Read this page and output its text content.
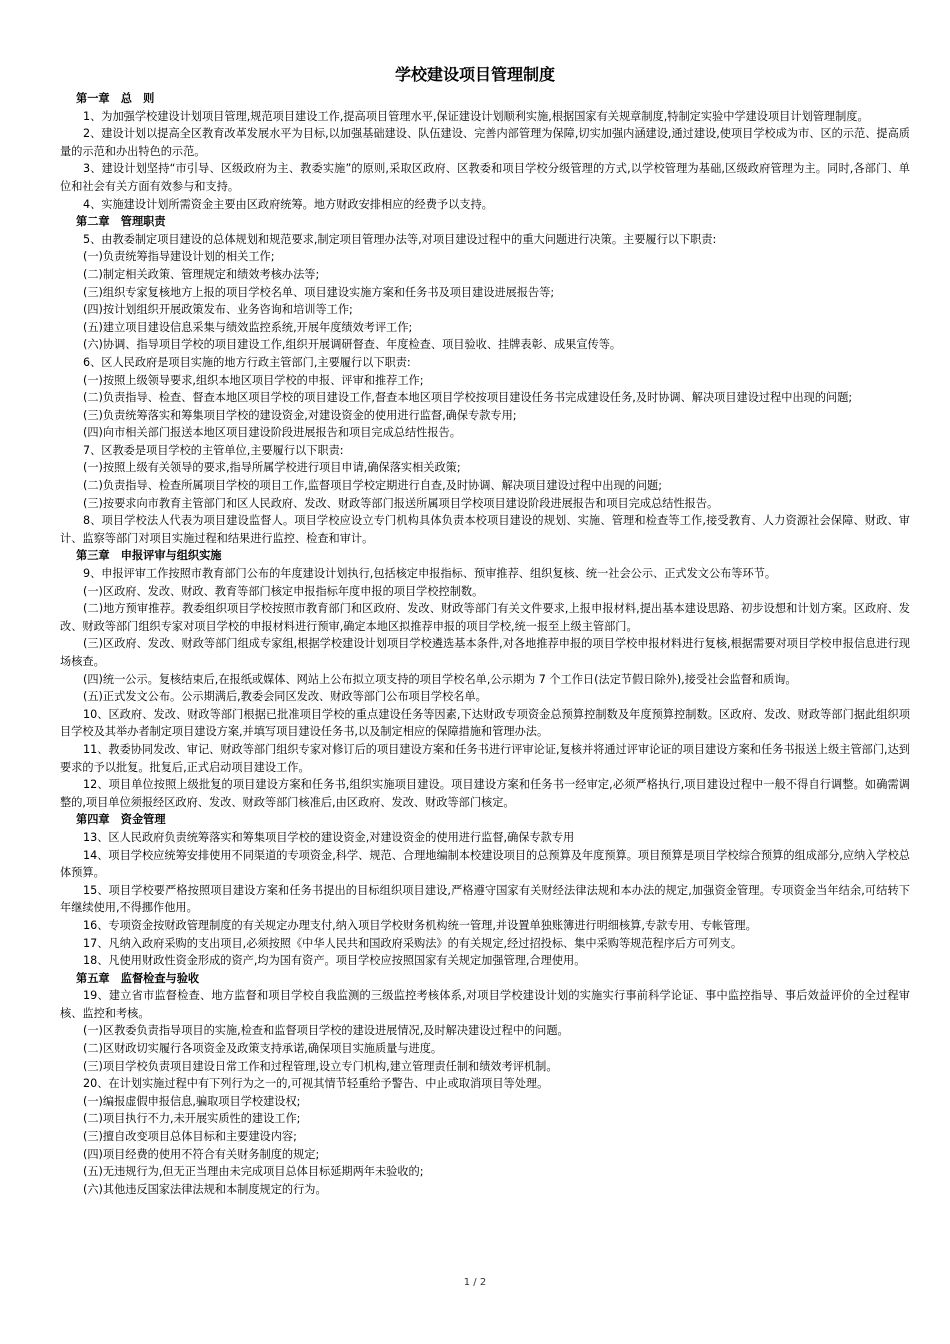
学校建设项目管理制度
第一章　总　则
1、为加强学校建设计划项目管理,规范项目建设工作,提高项目管理水平,保证建设计划顺利实施,根据国家有关规章制度,特制定实验中学建设项目计划管理制度。
2、建设计划以提高全区教育改革发展水平为目标,以加强基础建设、队伍建设、完善内部管理为保障,切实加强内涵建设,通过建设,使项目学校成为市、区的示范、提高质量的示范和办出特色的示范。
3、建设计划坚持“市引导、区级政府为主、教委实施”的原则,采取区政府、区教委和项目学校分级管理的方式,以学校管理为基础,区级政府管理为主。同时,各部门、单位和社会有关方面有效参与和支持。
4、实施建设计划所需资金主要由区政府统筹。地方财政安排相应的经费予以支持。
第二章　管理职责
5、由教委制定项目建设的总体规划和规范要求,制定项目管理办法等,对项目建设过程中的重大问题进行决策。主要履行以下职责:
(一)负责统筹指导建设计划的相关工作;
(二)制定相关政策、管理规定和绩效考核办法等;
(三)组织专家复核地方上报的项目学校名单、项目建设实施方案和任务书及项目建设进展报告等;
(四)按计划组织开展政策发布、业务咨询和培训等工作;
(五)建立项目建设信息采集与绩效监控系统,开展年度绩效考评工作;
(六)协调、指导项目学校的项目建设工作,组织开展调研督查、年度检查、项目验收、挂牌表彰、成果宣传等。
6、区人民政府是项目实施的地方行政主管部门,主要履行以下职责:
(一)按照上级领导要求,组织本地区项目学校的申报、评审和推荐工作;
(二)负责指导、检查、督查本地区项目学校的项目建设工作,督查本地区项目学校按项目建设任务书完成建设任务,及时协调、解决项目建设过程中出现的问题;
(三)负责统筹落实和筹集项目学校的建设资金,对建设资金的使用进行监督,确保专款专用;
(四)向市相关部门报送本地区项目建设阶段进展报告和项目完成总结性报告。
7、区教委是项目学校的主管单位,主要履行以下职责:
(一)按照上级有关领导的要求,指导所属学校进行项目申请,确保落实相关政策;
(二)负责指导、检查所属项目学校的项目工作,监督项目学校定期进行自查,及时协调、解决项目建设过程中出现的问题;
(三)按要求向市教育主管部门和区人民政府、发改、财政等部门报送所属项目学校项目建设阶段进展报告和项目完成总结性报告。
8、项目学校法人代表为项目建设监督人。项目学校应设立专门机构具体负责本校项目建设的规划、实施、管理和检查等工作,接受教育、人力资源社会保障、财政、审计、监察等部门对项目实施过程和结果进行监控、检查和审计。
第三章　申报评审与组织实施
9、申报评审工作按照市教育部门公布的年度建设计划执行,包括核定申报指标、预审推荐、组织复核、统一社会公示、正式发文公布等环节。
(一)区政府、发改、财政、教育等部门核定申报指标年度申报的项目学校控制数。
(二)地方预审推荐。教委组织项目学校按照市教育部门和区政府、发改、财政等部门有关文件要求,上报申报材料,提出基本建设思路、初步设想和计划方案。区政府、发改、财政等部门组织专家对项目学校的申报材料进行预审,确定本地区拟推荐申报的项目学校,统一报至上级主管部门。
(三)区政府、发改、财政等部门组成专家组,根据学校建设计划项目学校遴选基本条件,对各地推荐申报的项目学校申报材料进行复核,根据需要对项目学校申报信息进行现场核查。
(四)统一公示。复核结束后,在报纸或媒体、网站上公布拟立项支持的项目学校名单,公示期为 7 个工作日(法定节假日除外),接受社会监督和质询。
(五)正式发文公布。公示期满后,教委会同区发改、财政等部门公布项目学校名单。
10、区政府、发改、财政等部门根据已批准项目学校的重点建设任务等因素,下达财政专项资金总预算控制数及年度预算控制数。区政府、发改、财政等部门据此组织项目学校及其举办者制定项目建设方案,并填写项目建设任务书,以及制定相应的保障措施和管理办法。
11、教委协同发改、审记、财政等部门组织专家对修订后的项目建设方案和任务书进行评审论证,复核并将通过评审论证的项目建设方案和任务书报送上级主管部门,达到要求的予以批复。批复后,正式启动项目建设工作。
12、项目单位按照上级批复的项目建设方案和任务书,组织实施项目建设。项目建设方案和任务书一经审定,必须严格执行,项目建设过程中一般不得自行调整。如确需调整的,项目单位须报经区政府、发改、财政等部门核准后,由区政府、发改、财政等部门核定。
第四章　资金管理
13、区人民政府负责统筹落实和筹集项目学校的建设资金,对建设资金的使用进行监督,确保专款专用
14、项目学校应统筹安排使用不同渠道的专项资金,科学、规范、合理地编制本校建设项目的总预算及年度预算。项目预算是项目学校综合预算的组成部分,应纳入学校总体预算。
15、项目学校要严格按照项目建设方案和任务书提出的目标组织项目建设,严格遵守国家有关财经法律法规和本办法的规定,加强资金管理。专项资金当年结余,可结转下年继续使用,不得挪作他用。
16、专项资金按财政管理制度的有关规定办理支付,纳入项目学校财务机构统一管理,并设置单独账簿进行明细核算,专款专用、专帐管理。
17、凡纳入政府采购的支出项目,必须按照《中华人民共和国政府采购法》的有关规定,经过招投标、集中采购等规范程序后方可列支。
18、凡使用财政性资金形成的资产,均为国有资产。项目学校应按照国家有关规定加强管理,合理使用。
第五章　监督检查与验收
19、建立省市监督检查、地方监督和项目学校自我监测的三级监控考核体系,对项目学校建设计划的实施实行事前科学论证、事中监控指导、事后效益评价的全过程审核、监控和考核。
(一)区教委负责指导项目的实施,检查和监督项目学校的建设进展情况,及时解决建设过程中的问题。
(二)区财政切实履行各项资金及政策支持承诺,确保项目实施质量与进度。
(三)项目学校负责项目建设日常工作和过程管理,设立专门机构,建立管理责任制和绩效考评机制。
20、在计划实施过程中有下列行为之一的,可视其情节轻重给予警告、中止或取消项目等处理。
(一)编报虚假申报信息,骗取项目学校建设权;
(二)项目执行不力,未开展实质性的建设工作;
(三)擅自改变项目总体目标和主要建设内容;
(四)项目经费的使用不符合有关财务制度的规定;
(五)无违规行为,但无正当理由未完成项目总体目标延期两年未验收的;
(六)其他违反国家法律法规和本制度规定的行为。
1 / 2
